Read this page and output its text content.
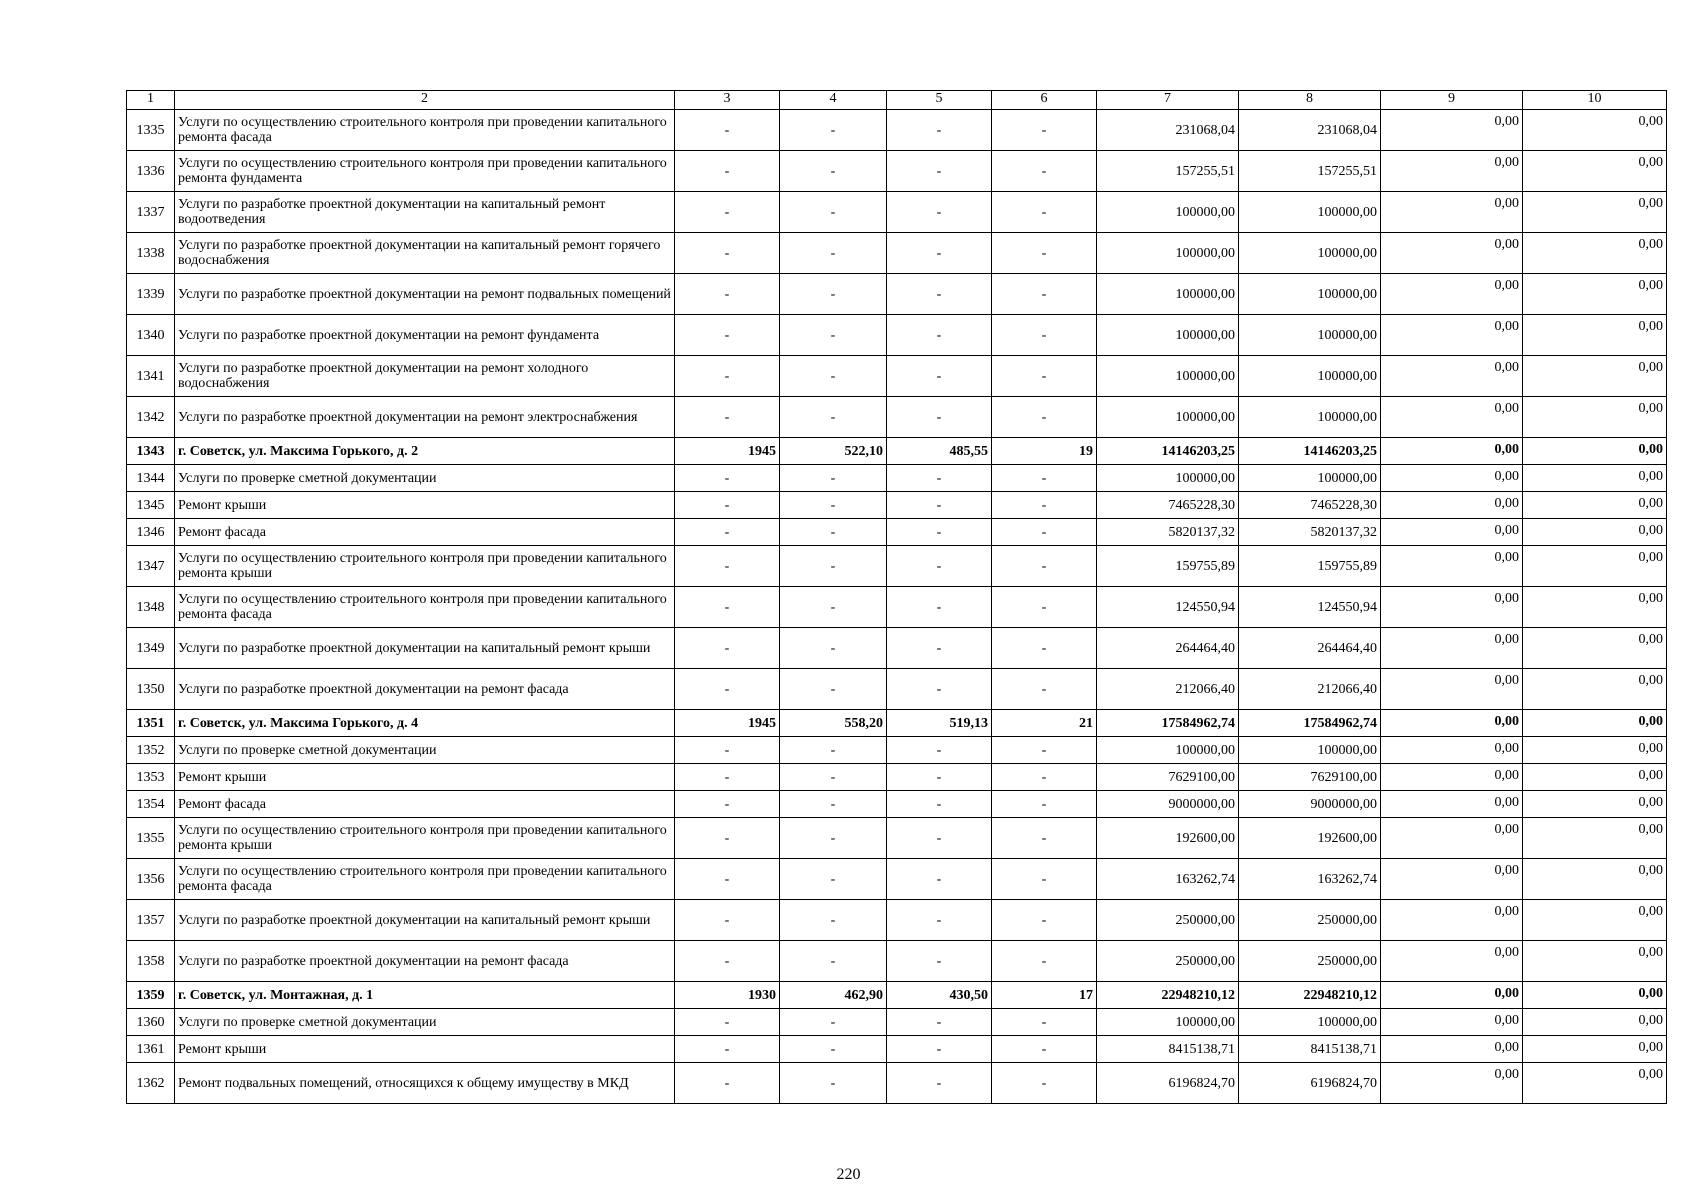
1	2	3	4	5	6	7	8	9	10
1335	Услуги по осуществлению строительного контроля при проведении капитального ремонта фасада	-	-	-	-	231068,04	231068,04	0,00	0,00
1336	Услуги по осуществлению строительного контроля при проведении капитального ремонта фундамента	-	-	-	-	157255,51	157255,51	0,00	0,00
1337	Услуги по разработке проектной документации на капитальный ремонт водоотведения	-	-	-	-	100000,00	100000,00	0,00	0,00
1338	Услуги по разработке проектной документации на капитальный ремонт горячего водоснабжения	-	-	-	-	100000,00	100000,00	0,00	0,00
1339	Услуги по разработке проектной документации на ремонт подвальных помещений	-	-	-	-	100000,00	100000,00	0,00	0,00
1340	Услуги по разработке проектной документации на ремонт фундамента	-	-	-	-	100000,00	100000,00	0,00	0,00
1341	Услуги по разработке проектной документации на ремонт холодного водоснабжения	-	-	-	-	100000,00	100000,00	0,00	0,00
1342	Услуги по разработке проектной документации на ремонт электроснабжения	-	-	-	-	100000,00	100000,00	0,00	0,00
1343	г. Советск, ул. Максима Горького, д. 2	1945	522,10	485,55	19	14146203,25	14146203,25	0,00	0,00
1344	Услуги по проверке сметной документации	-	-	-	-	100000,00	100000,00	0,00	0,00
1345	Ремонт крыши	-	-	-	-	7465228,30	7465228,30	0,00	0,00
1346	Ремонт фасада	-	-	-	-	5820137,32	5820137,32	0,00	0,00
1347	Услуги по осуществлению строительного контроля при проведении капитального ремонта крыши	-	-	-	-	159755,89	159755,89	0,00	0,00
1348	Услуги по осуществлению строительного контроля при проведении капитального ремонта фасада	-	-	-	-	124550,94	124550,94	0,00	0,00
1349	Услуги по разработке проектной документации на капитальный ремонт крыши	-	-	-	-	264464,40	264464,40	0,00	0,00
1350	Услуги по разработке проектной документации на ремонт фасада	-	-	-	-	212066,40	212066,40	0,00	0,00
1351	г. Советск, ул. Максима Горького, д. 4	1945	558,20	519,13	21	17584962,74	17584962,74	0,00	0,00
1352	Услуги по проверке сметной документации	-	-	-	-	100000,00	100000,00	0,00	0,00
1353	Ремонт крыши	-	-	-	-	7629100,00	7629100,00	0,00	0,00
1354	Ремонт фасада	-	-	-	-	9000000,00	9000000,00	0,00	0,00
1355	Услуги по осуществлению строительного контроля при проведении капитального ремонта крыши	-	-	-	-	192600,00	192600,00	0,00	0,00
1356	Услуги по осуществлению строительного контроля при проведении капитального ремонта фасада	-	-	-	-	163262,74	163262,74	0,00	0,00
1357	Услуги по разработке проектной документации на капитальный ремонт крыши	-	-	-	-	250000,00	250000,00	0,00	0,00
1358	Услуги по разработке проектной документации на ремонт фасада	-	-	-	-	250000,00	250000,00	0,00	0,00
1359	г. Советск, ул. Монтажная, д. 1	1930	462,90	430,50	17	22948210,12	22948210,12	0,00	0,00
1360	Услуги по проверке сметной документации	-	-	-	-	100000,00	100000,00	0,00	0,00
1361	Ремонт крыши	-	-	-	-	8415138,71	8415138,71	0,00	0,00
1362	Ремонт подвальных помещений, относящихся к общему имуществу в МКД	-	-	-	-	6196824,70	6196824,70	0,00	0,00
220
